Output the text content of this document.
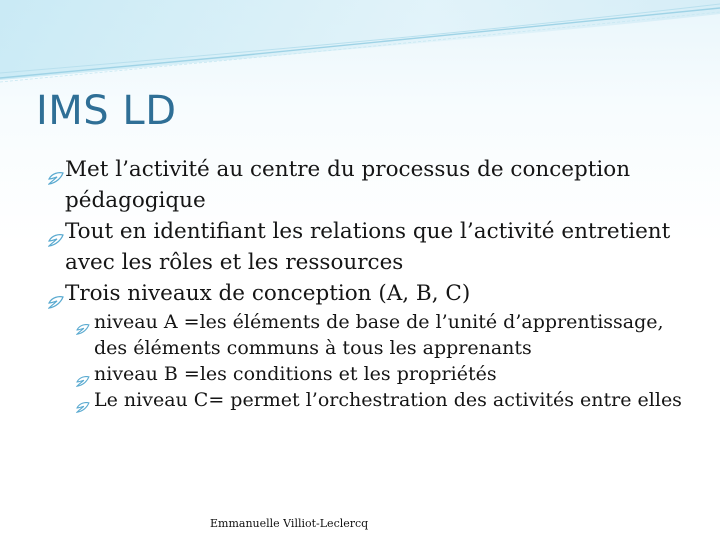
IMS LD
Met l’activité au centre du processus de conception pédagogique
Tout en identifiant les relations que l’activité entretient avec les rôles et les ressources
Trois niveaux de conception (A, B, C)
niveau A =les éléments de base de l’unité d’apprentissage, des éléments communs à tous les apprenants
niveau B =les conditions et les propriétés
Le niveau C= permet l’orchestration des activités entre elles
Emmanuelle Villiot-Leclercq
